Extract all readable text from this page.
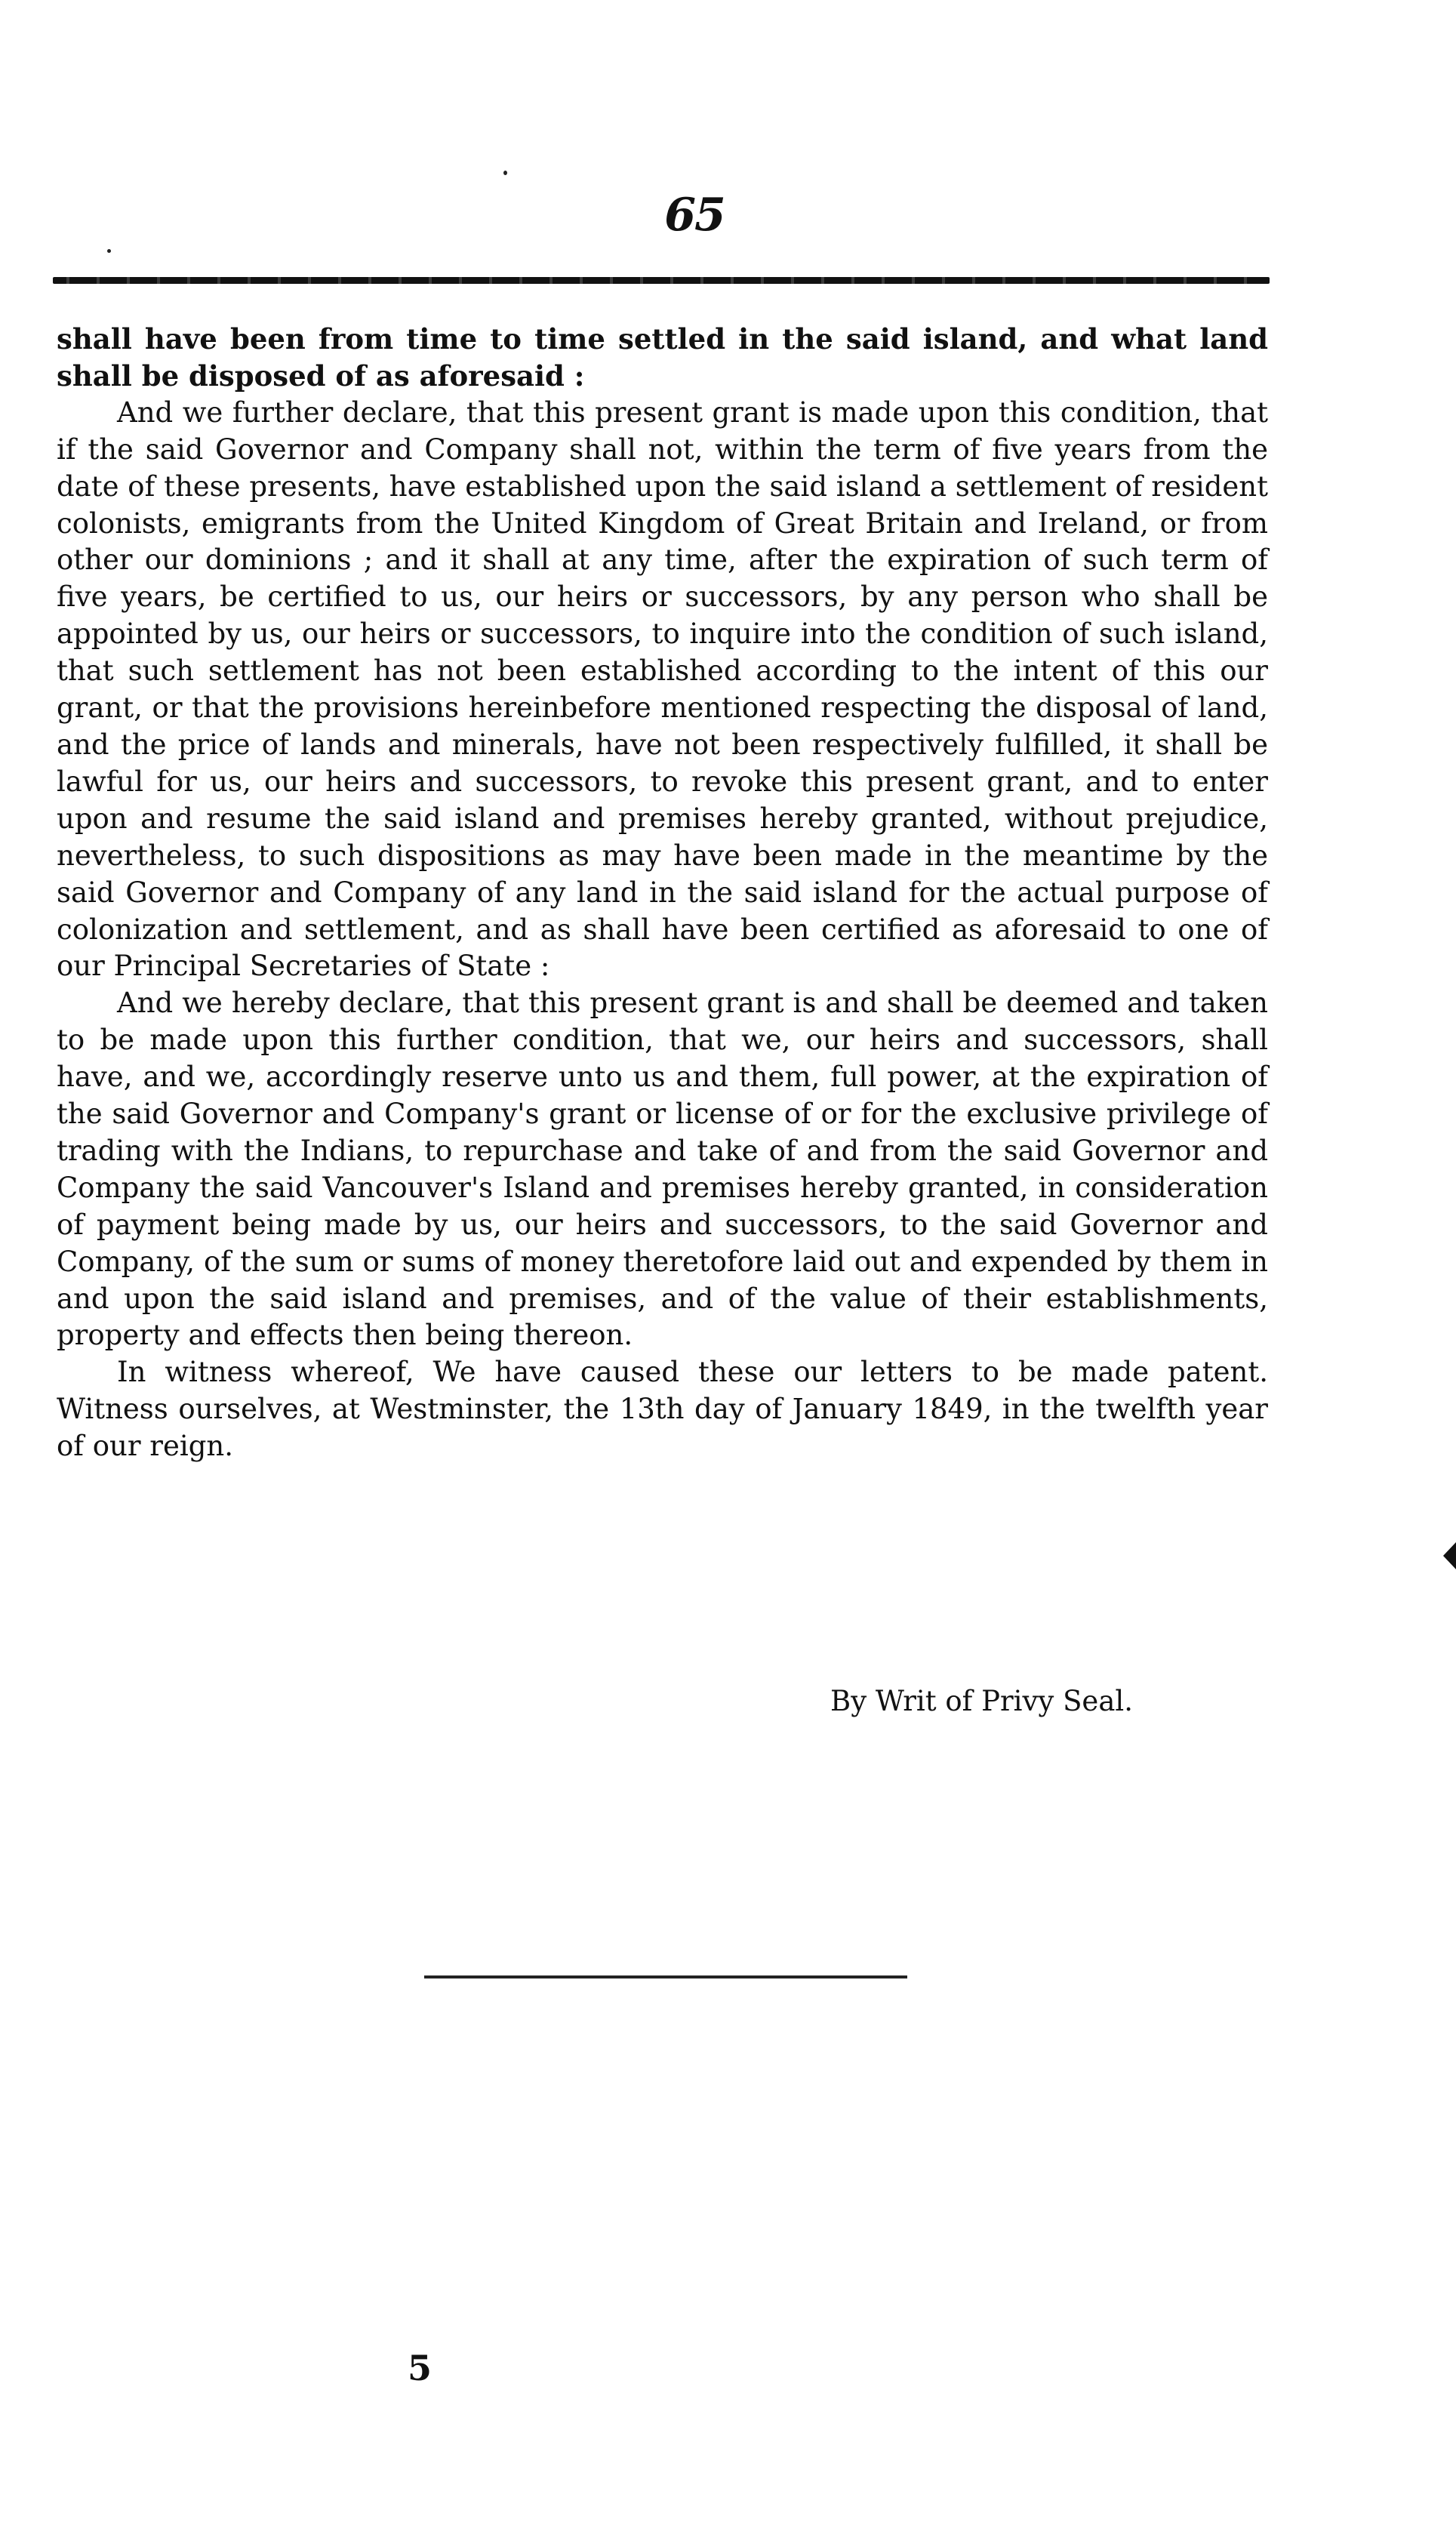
65

shall have been from time to time settled in the said island, and what land shall be disposed of as aforesaid :

And we further declare, that this present grant is made upon this condition, that if the said Governor and Company shall not, within the term of five years from the date of these presents, have established upon the said island a settlement of resident colonists, emigrants from the United Kingdom of Great Britain and Ireland, or from other our dominions ; and it shall at any time, after the expiration of such term of five years, be certified to us, our heirs or successors, by any person who shall be appointed by us, our heirs or successors, to inquire into the condition of such island, that such settlement has not been established according to the intent of this our grant, or that the provisions hereinbefore mentioned respecting the disposal of land, and the price of lands and minerals, have not been respectively fulfilled, it shall be lawful for us, our heirs and successors, to revoke this present grant, and to enter upon and resume the said island and premises hereby granted, without prejudice, nevertheless, to such dispositions as may have been made in the meantime by the said Governor and Company of any land in the said island for the actual purpose of colonization and settlement, and as shall have been certified as aforesaid to one of our Principal Secretaries of State :

And we hereby declare, that this present grant is and shall be deemed and taken to be made upon this further condition, that we, our heirs and successors, shall have, and we, accordingly reserve unto us and them, full power, at the expiration of the said Governor and Company's grant or license of or for the exclusive privilege of trading with the Indians, to repurchase and take of and from the said Governor and Company the said Vancouver's Island and premises hereby granted, in consideration of payment being made by us, our heirs and successors, to the said Governor and Company, of the sum or sums of money theretofore laid out and expended by them in and upon the said island and premises, and of the value of their establishments, property and effects then being thereon.

In witness whereof, We have caused these our letters to be made patent. Witness ourselves, at Westminster, the 13th day of January 1849, in the twelfth year of our reign.

By Writ of Privy Seal.
5
